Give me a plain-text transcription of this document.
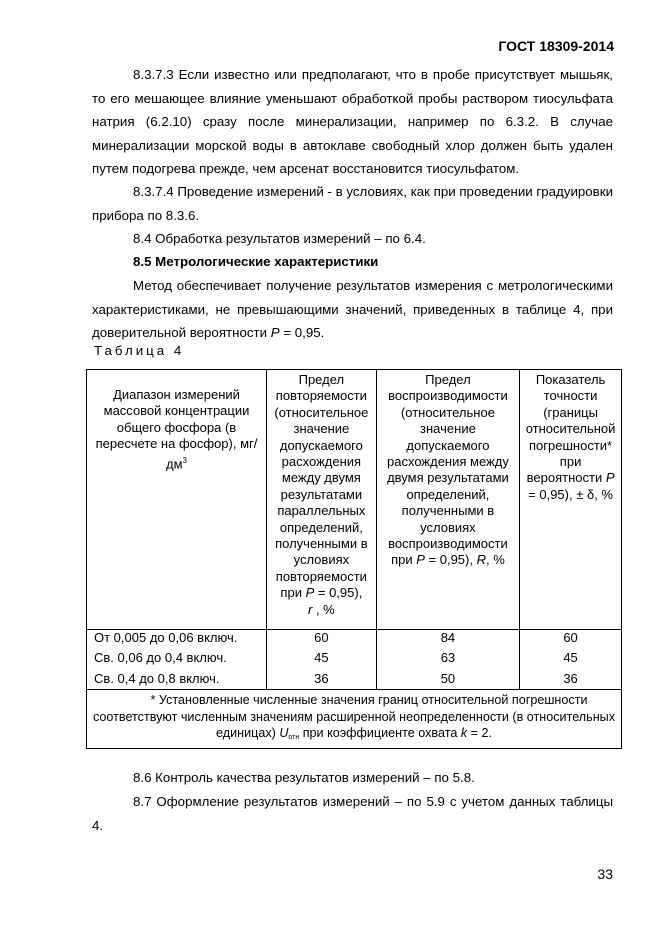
ГОСТ 18309-2014
8.3.7.3 Если известно или предполагают, что в пробе присутствует мышьяк, то его мешающее влияние уменьшают обработкой пробы раствором тиосульфата натрия (6.2.10) сразу после минерализации, например по 6.3.2. В случае минерализации морской воды в автоклаве свободный хлор должен быть удален путем подогрева прежде, чем арсенат восстановится тиосульфатом.
8.3.7.4 Проведение измерений - в условиях, как при проведении градуировки прибора по 8.3.6.
8.4 Обработка результатов измерений – по 6.4.
8.5 Метрологические характеристики
Метод обеспечивает получение результатов измерения с метрологическими характеристиками, не превышающими значений, приведенных в таблице 4, при доверительной вероятности P = 0,95.
Таблица 4
Диапазон измерений массовой концентрации общего фосфора (в пересчете на фосфор), $мг/дм^3$	Предел повторяемости (относительное значение допускаемого расхождения между двумя результатами параллельных определений, полученными в условиях повторяемости при P = 0,95),
r , %	Предел воспроизводимости (относительное значение допускаемого расхождения между двумя результатами определений, полученными в условиях воспроизводимости при P = 0,95), R, %	Показатель точности (границы относительной погрешности* при вероятности P = 0,95), ± δ, %
От 0,005 до 0,06 включ.	60	84	60
Св. 0,06 до 0,4 включ.	45	63	45
Св. 0,4 до 0,8 включ.	36	50	36
* Установленные численные значения границ относительной погрешности соответствуют численным значениям расширенной неопределенности (в относительных единицах) $U_{отн}$ при коэффициенте охвата k = 2.			
8.6 Контроль качества результатов измерений – по 5.8.
8.7 Оформление результатов измерений – по 5.9 с учетом данных таблицы 4.
33
